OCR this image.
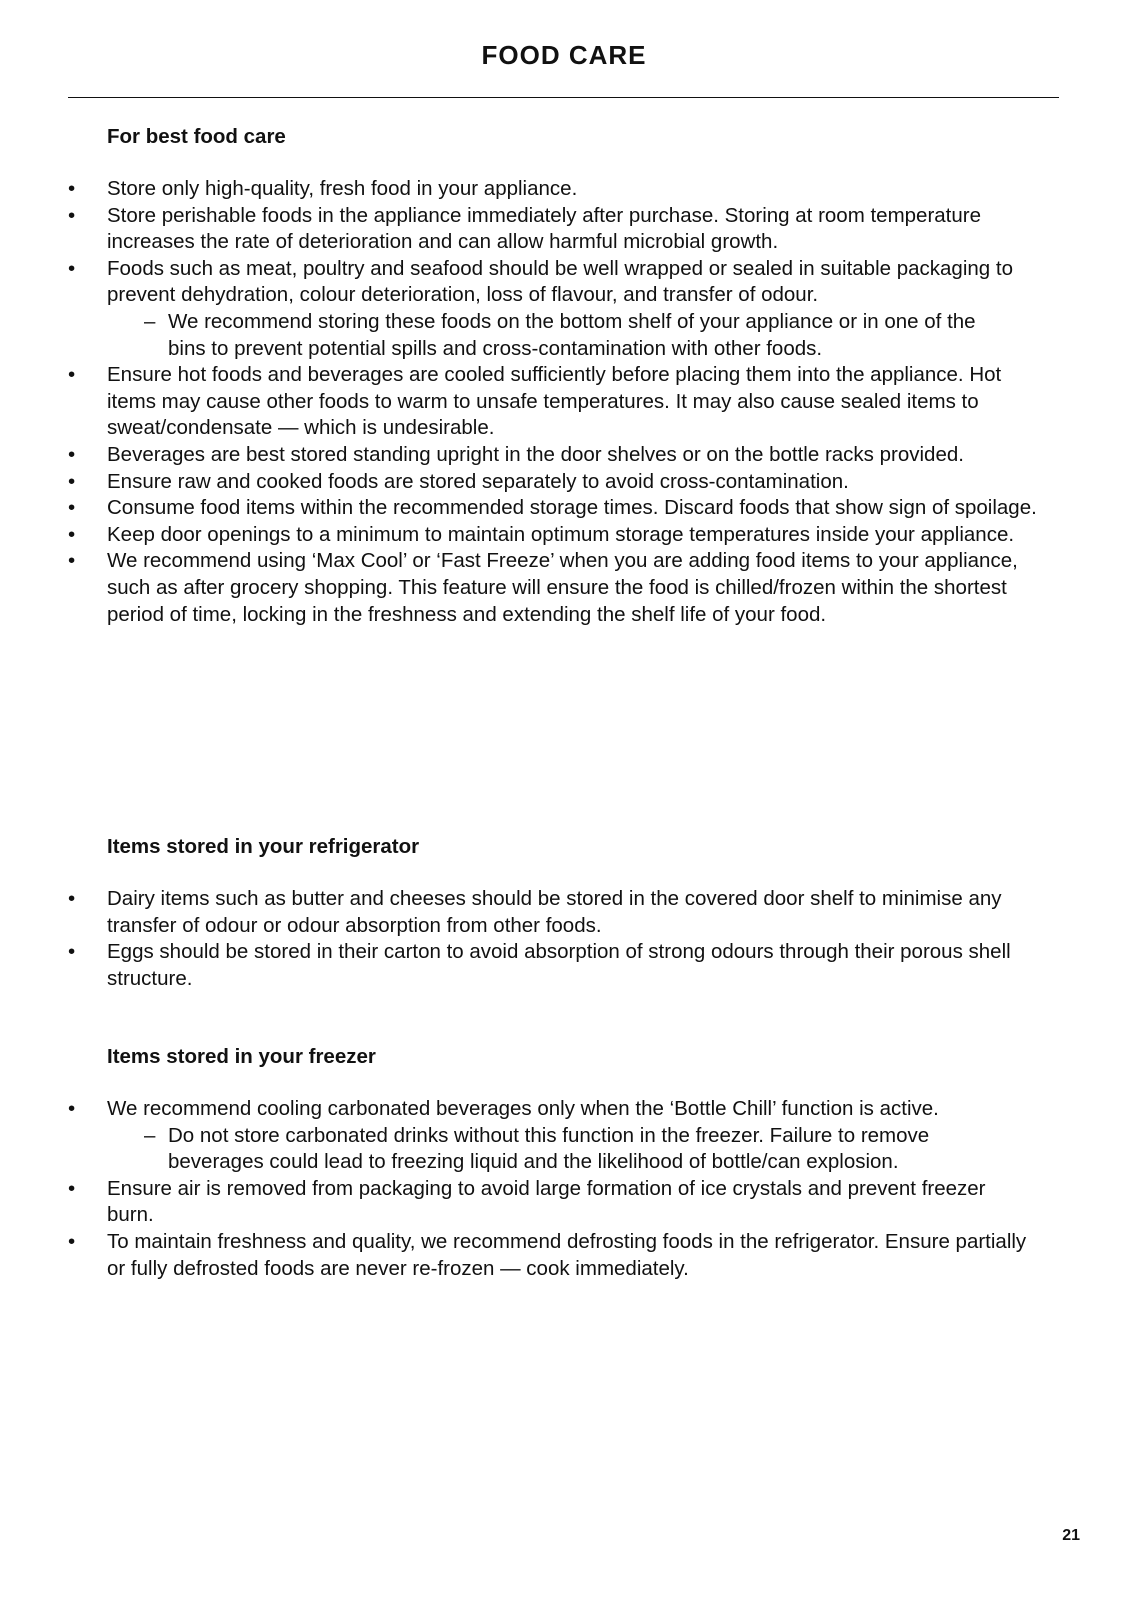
FOOD CARE
For best food care
•	Store only high-quality, fresh food in your appliance.
•	Store perishable foods in the appliance immediately after purchase. Storing at room temperature increases the rate of deterioration and can allow harmful microbial growth.
•	Foods such as meat, poultry and seafood should be well wrapped or sealed in suitable packaging to prevent dehydration, colour deterioration, loss of flavour, and transfer of odour.
– We recommend storing these foods on the bottom shelf of your appliance or in one of the bins to prevent potential spills and cross-contamination with other foods.
•	Ensure hot foods and beverages are cooled sufficiently before placing them into the appliance. Hot items may cause other foods to warm to unsafe temperatures. It may also cause sealed items to sweat/condensate — which is undesirable.
•	Beverages are best stored standing upright in the door shelves or on the bottle racks provided.
•	Ensure raw and cooked foods are stored separately to avoid cross-contamination.
•	Consume food items within the recommended storage times. Discard foods that show sign of spoilage.
•	Keep door openings to a minimum to maintain optimum storage temperatures inside your appliance.
•	We recommend using ‘Max Cool’ or ‘Fast Freeze’ when you are adding food items to your appliance, such as after grocery shopping. This feature will ensure the food is chilled/frozen within the shortest period of time, locking in the freshness and extending the shelf life of your food.
Items stored in your refrigerator
•	Dairy items such as butter and cheeses should be stored in the covered door shelf to minimise any transfer of odour or odour absorption from other foods.
•	Eggs should be stored in their carton to avoid absorption of strong odours through their porous shell structure.
Items stored in your freezer
•	We recommend cooling carbonated beverages only when the ‘Bottle Chill’ function is active.
– Do not store carbonated drinks without this function in the freezer. Failure to remove beverages could lead to freezing liquid and the likelihood of bottle/can explosion.
•	Ensure air is removed from packaging to avoid large formation of ice crystals and prevent freezer burn.
•	To maintain freshness and quality, we recommend defrosting foods in the refrigerator. Ensure partially or fully defrosted foods are never re-frozen — cook immediately.
21
